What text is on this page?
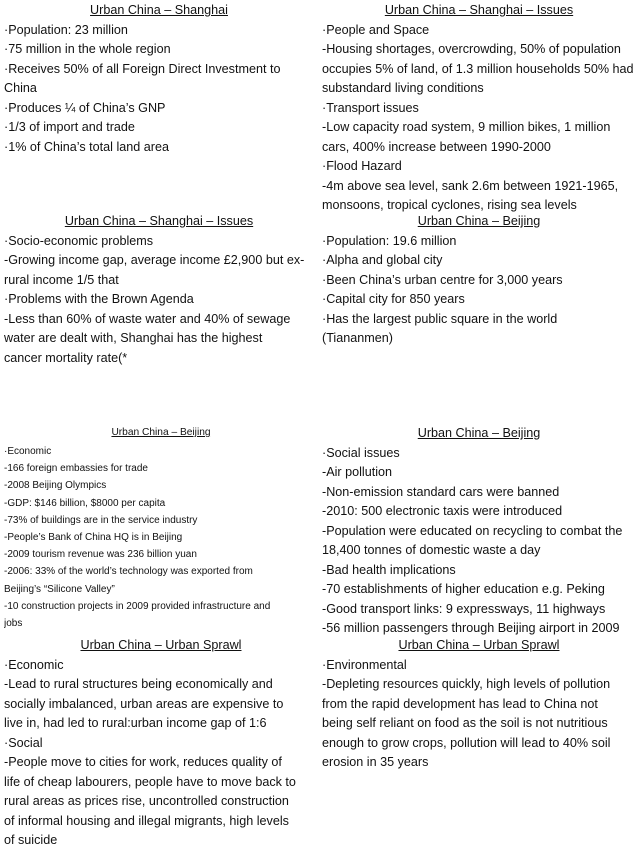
Urban China – Shanghai

·Population: 23 million

·75 million in the whole region

·Receives 50% of all Foreign Direct Investment to

China

·Produces ¼ of China’s GNP

·1/3 of import and trade

·1% of China’s total land area

Urban China – Shanghai – Issues

·People and Space

-Housing shortages, overcrowding, 50% of population

occupies 5% of land, of 1.3 million households 50% had

substandard living conditions

·Transport issues

-Low capacity road system, 9 million bikes, 1 million

cars, 400% increase between 1990-2000

·Flood Hazard

-4m above sea level, sank 2.6m between 1921-1965,

monsoons, tropical cyclones, rising sea levels

Urban China – Shanghai – Issues

·Socio-economic problems

-Growing income gap, average income £2,900 but ex-

rural income 1/5 that

·Problems with the Brown Agenda

-Less than 60% of waste water and 40% of sewage

water are dealt with, Shanghai has the highest

cancer mortality rate(*

Urban China – Beijing

·Population: 19.6 million

·Alpha and global city

·Been China’s urban centre for 3,000 years

·Capital city for 850 years

·Has the largest public square in the world

(Tiananmen)

Urban China – Beijing

·Economic

-166 foreign embassies for trade

-2008 Beijing Olympics

-GDP: $146 billion, $8000 per capita

-73% of buildings are in the service industry

-People’s Bank of China HQ is in Beijing

-2009 tourism revenue was 236 billion yuan

-2006: 33% of the world’s technology was exported from

Beijing’s “Silicone Valley”

-10 construction projects in 2009 provided infrastructure and

jobs

Urban China – Beijing

·Social issues

-Air pollution

-Non-emission standard cars were banned

-2010: 500 electronic taxis were introduced

-Population were educated on recycling to combat the

18,400 tonnes of domestic waste a day

-Bad health implications

-70 establishments of higher education e.g. Peking

-Good transport links: 9 expressways, 11 highways

-56 million passengers through Beijing airport in 2009

Urban China – Urban Sprawl

·Economic

-Lead to rural structures being economically and

socially imbalanced, urban areas are expensive to

live in, had led to rural:urban income gap of 1:6

·Social

-People move to cities for work, reduces quality of

life of cheap labourers, people have to move back to

rural areas as prices rise, uncontrolled construction

of informal housing and illegal migrants, high levels

of suicide

Urban China – Urban Sprawl

·Environmental

-Depleting resources quickly, high levels of pollution

from the rapid development has lead to China not

being self reliant on food as the soil is not nutritious

enough to grow crops, pollution will lead to 40% soil

erosion in 35 years
